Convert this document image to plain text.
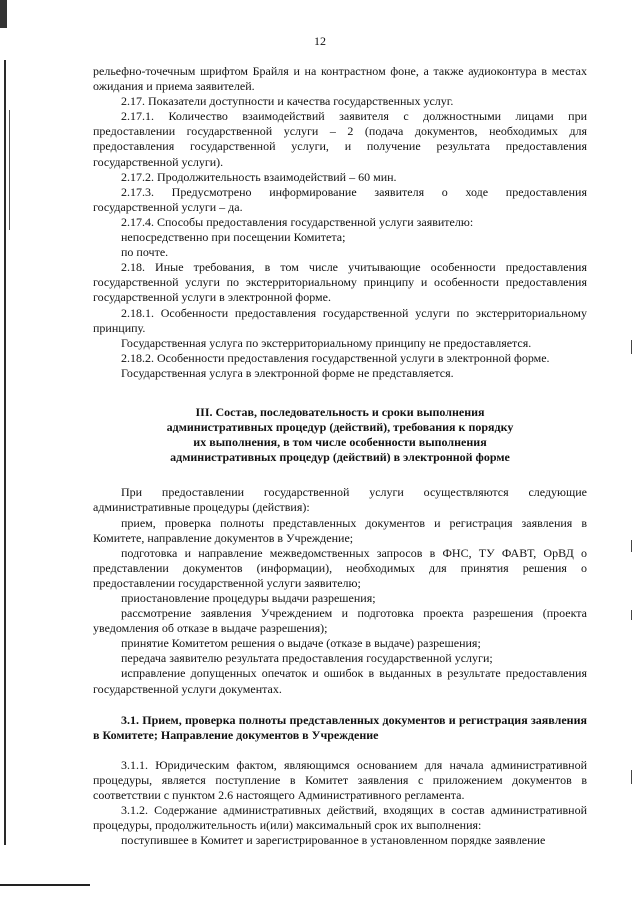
12

рельефно-точечным шрифтом Брайля и на контрастном фоне, а также аудиоконтура в местах ожидания и приема заявителей.

2.17. Показатели доступности и качества государственных услуг.

2.17.1. Количество взаимодействий заявителя с должностными лицами при предоставлении государственной услуги – 2 (подача документов, необходимых для предоставления государственной услуги, и получение результата предоставления государственной услуги).

2.17.2. Продолжительность взаимодействий – 60 мин.

2.17.3. Предусмотрено информирование заявителя о ходе предоставления государственной услуги – да.

2.17.4. Способы предоставления государственной услуги заявителю:

непосредственно при посещении Комитета;

по почте.

2.18. Иные требования, в том числе учитывающие особенности предоставления государственной услуги по экстерриториальному принципу и особенности предоставления государственной услуги в электронной форме.

2.18.1. Особенности предоставления государственной услуги по экстерриториальному принципу.

Государственная услуга по экстерриториальному принципу не предоставляется.

2.18.2. Особенности предоставления государственной услуги в электронной форме.

Государственная услуга в электронной форме не представляется.

III. Состав, последовательность и сроки выполнения
административных процедур (действий), требования к порядку
их выполнения, в том числе особенности выполнения
административных процедур (действий) в электронной форме

При предоставлении государственной услуги осуществляются следующие административные процедуры (действия):

прием, проверка полноты представленных документов и регистрация заявления в Комитете, направление документов в Учреждение;

подготовка и направление межведомственных запросов в ФНС, ТУ ФАВТ, ОрВД о представлении документов (информации), необходимых для принятия решения о предоставлении государственной услуги заявителю;

приостановление процедуры выдачи разрешения;

рассмотрение заявления Учреждением и подготовка проекта разрешения (проекта уведомления об отказе в выдаче разрешения);

принятие Комитетом решения о выдаче (отказе в выдаче) разрешения;

передача заявителю результата предоставления государственной услуги;

исправление допущенных опечаток и ошибок в выданных в результате предоставления государственной услуги документах.

3.1. Прием, проверка полноты представленных документов и регистрация заявления в Комитете; Направление документов в Учреждение

3.1.1. Юридическим фактом, являющимся основанием для начала административной процедуры, является поступление в Комитет заявления с приложением документов в соответствии с пунктом 2.6 настоящего Административного регламента.

3.1.2. Содержание административных действий, входящих в состав административной процедуры, продолжительность и(или) максимальный срок их выполнения:

поступившее в Комитет и зарегистрированное в установленном порядке заявление
